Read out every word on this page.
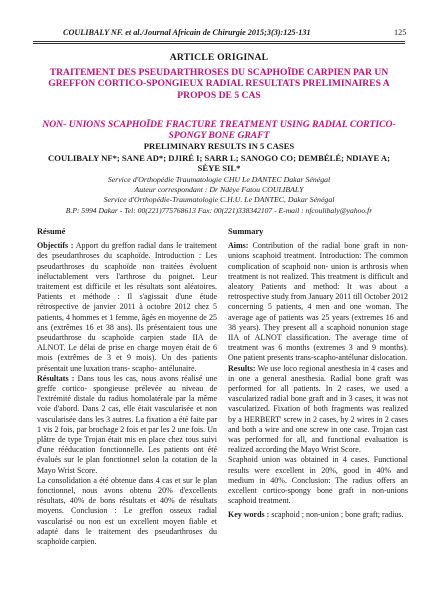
COULIBALY NF. et al./Journal Africain de Chirurgie 2015;3(3):125-131	125
ARTICLE ORIGINAL
TRAITEMENT DES PSEUDARTHROSES DU SCAPHOÏDE CARPIEN PAR UN GREFFON CORTICO-SPONGIEUX RADIAL RESULTATS PRELIMINAIRES A PROPOS DE 5 CAS
NON- UNIONS SCAPHOÏDE FRACTURE TREATMENT USING RADIAL CORTICO-SPONGY BONE GRAFT
PRELIMINARY RESULTS IN 5 CASES
COULIBALY NF*; SANE AD*; DJIRÉ I; SARR L; SANOGO CO; DEMBÉLÉ; NDIAYE A; SÈYE SIL*
Service d'Orthopédie Traumatologie CHU Le DANTEC Dakar Sénégal
Auteur correspondant : Dr Ndèye Fatou COULIBALY
Service d'Orthopédie-Traumatologie C.H.U. Le DANTEC, Dakar Sénégal
B.P: 5994 Dakar - Tel: 00(221)775768613 Fax: 00(221)338342107 - E-mail : nfcoulibaly@yahoo.fr
Résumé

Objectifs : Apport du greffon radial dans le traitement des pseudarthroses du scaphoïde. Introduction : Les pseudarthroses du scaphoïde non traitées évoluent inéluctablement vers l'arthrose du poignet. Leur traitement est difficile et les résultats sont aléatoires. Patients et méthode : Il s'agissait d'une étude rétrospective de janvier 2011 à octobre 2012 chez 5 patients, 4 hommes et 1 femme, âgés en moyenne de 25 ans (extrêmes 16 et 38 ans). Ils présentaient tous une pseudarthrose du scaphoïde carpien stade IIA de ALNOT. Le délai de prise en charge moyen était de 6 mois (extrêmes de 3 et 9 mois). Un des patients présentait une luxation trans- scapho- antélunaire.

Résultats : Dans tous les cas, nous avons réalisé une greffe cortico- spongieuse prélevée au niveau de l'extrémité distale du radius homolatérale par la même voie d'abord. Dans 2 cas, elle était vascularisée et non vascularisée dans les 3 autres. La fixation a été faite par 1 vis 2 fois, par brochage 2 fois et par les 2 une fois. Un plâtre de type Trojan était mis en place chez tous suivi d'une rééducation fonctionnelle. Les patients ont été évalués sur le plan fonctionnel selon la cotation de la Mayo Wrist Score.

La consolidation a été obtenue dans 4 cas et sur le plan fonctionnel, nous avons obtenu 20% d'excellents résultats, 40% de bons résultats et 40% de résultats moyens. Conclusion : Le greffon osseux radial vascularisé ou non est un excellent moyen fiable et adapté dans le traitement des pseudarthroses du scaphoïde carpien.

Summary

Aims: Contribution of the radial bone graft in non-unions scaphoid treatment. Introduction: The common complication of scaphoid non- union is arthrosis when treatment is not realized. This treatment is difficult and aleatory Patients and method: It was about a retrospective study from January 2011 till October 2012 concerning 5 patients, 4 men and one woman. The average age of patients was 25 years (extremes 16 and 38 years). They present all a scaphoid nonunion stage IIA of ALNOT classification. The average time of treatment was 6 months (extremes 3 and 9 months). One patient presents trans-scapho-antélunar dislocation.

Results: We use loco regional anesthesia in 4 cases and in one a general anesthesia. Radial bone graft was performed for all patients. In 2 cases, we used a vascularized radial bone graft and in 3 cases, it was not vascularized. Fixation of both fragments was realized by a HERBERT' screw in 2 cases, by 2 wires in 2 cases and both a wire and one screw in one case. Trojan cast was performed for all, and functional evaluation is realized according the Mayo Wrist Score.

Scaphoid union was obtained in 4 cases. Functional results were excellent in 20%, good in 40% and medium in 40%. Conclusion: The radius offers an excellent cortico-spongy bone graft in non-unions scaphoid treatment.

Key words : scaphoid ; non-union ; bone graft; radius.
